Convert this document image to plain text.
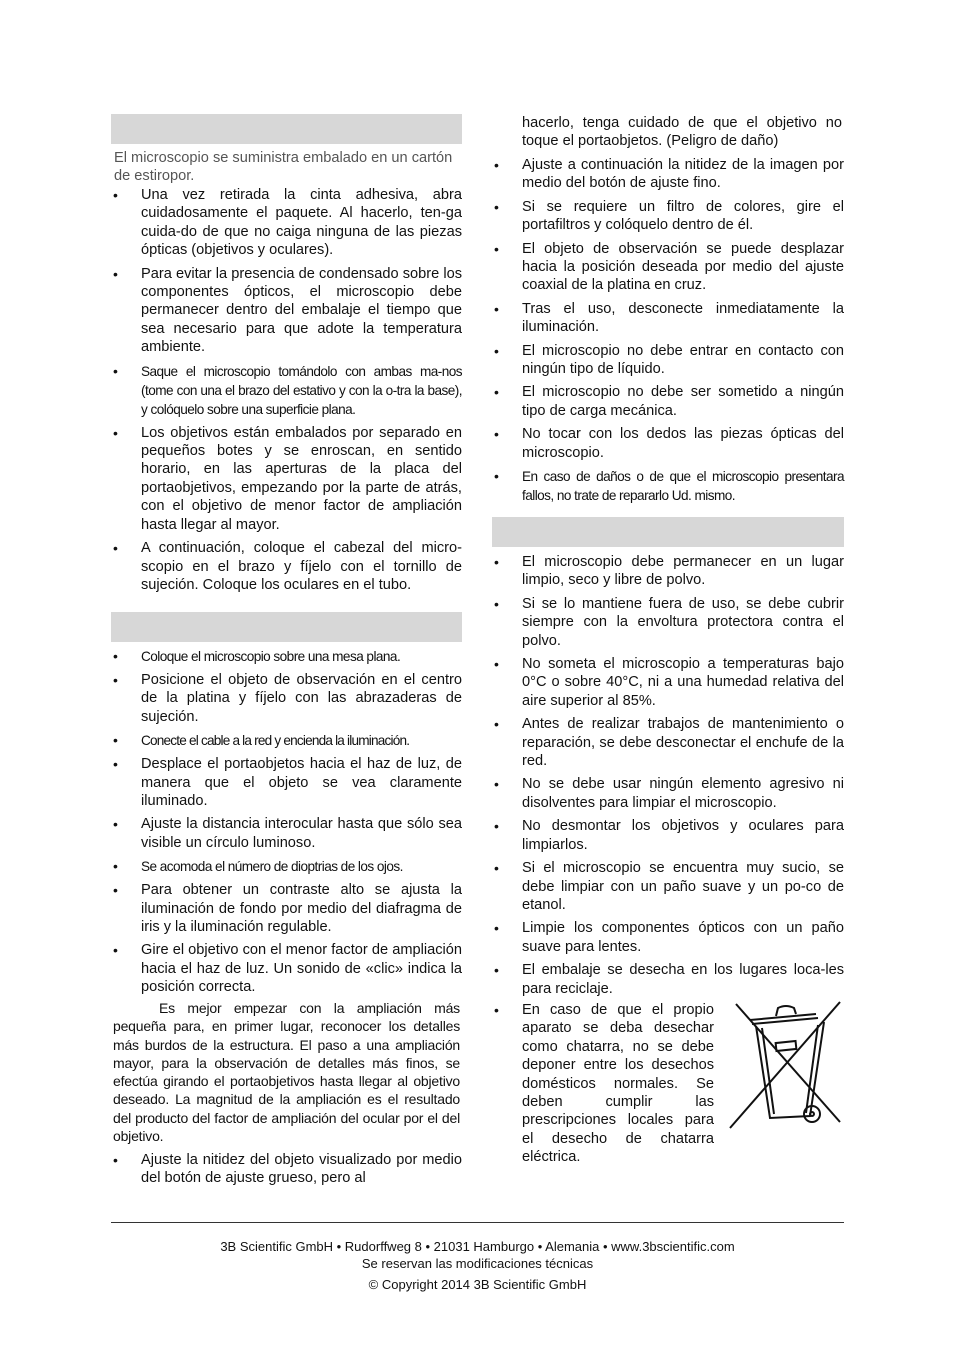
El microscopio se suministra embalado en un cartón de estiropor.
• Una vez retirada la cinta adhesiva, abra cuidadosamente el paquete. Al hacerlo, ten-ga cuida-do de que no caiga ninguna de las piezas ópticas (objetivos y oculares).
• Para evitar la presencia de condensado sobre los componentes ópticos, el microscopio debe permanecer dentro del embalaje el tiempo que sea necesario para que adote la temperatura ambiente.
• Saque el microscopio tomándolo con ambas ma-nos (tome con una el brazo del estativo y con la o-tra la base), y colóquelo sobre una superficie plana.
• Los objetivos están embalados por separado en pequeños botes y se enroscan, en sentido horario, en las aperturas de la placa del portaobjetivos, empezando por la parte de atrás, con el objetivo de menor factor de ampliación hasta llegar al mayor.
• A continuación, coloque el cabezal del micro-scopio en el brazo y fíjelo con el tornillo de sujeción. Coloque los oculares en el tubo.
• Coloque el microscopio sobre una mesa plana.
• Posicione el objeto de observación en el centro de la platina y fíjelo con las abrazaderas de sujeción.
• Conecte el cable a la red y encienda la iluminación.
• Desplace el portaobjetos hacia el haz de luz, de manera que el objeto se vea claramente iluminado.
• Ajuste la distancia interocular hasta que sólo sea visible un círculo luminoso.
• Se acomoda el número de dioptrias de los ojos.
• Para obtener un contraste alto se ajusta la iluminación de fondo por medio del diafragma de iris y la iluminación regulable.
• Gire el objetivo con el menor factor de ampliación hacia el haz de luz. Un sonido de «clic» indica la posición correcta.
Es mejor empezar con la ampliación más pequeña para, en primer lugar, reconocer los detalles más burdos de la estructura. El paso a una ampliación mayor, para la observación de detalles más finos, se efectúa girando el portaobjetivos hasta llegar al objetivo deseado. La magnitud de la ampliación es el resultado del producto del factor de ampliación del ocular por el del objetivo.
• Ajuste la nitidez del objeto visualizado por medio del botón de ajuste grueso, pero al
hacerlo, tenga cuidado de que el objetivo no toque el portaobjetos. (Peligro de daño)
• Ajuste a continuación la nitidez de la imagen por medio del botón de ajuste fino.
• Si se requiere un filtro de colores, gire el portafiltros y colóquelo dentro de él.
• El objeto de observación se puede desplazar hacia la posición deseada por medio del ajuste coaxial de la platina en cruz.
• Tras el uso, desconecte inmediatamente la iluminación.
• El microscopio no debe entrar en contacto con ningún tipo de líquido.
• El microscopio no debe ser sometido a ningún tipo de carga mecánica.
• No tocar con los dedos las piezas ópticas del microscopio.
• En caso de daños o de que el microscopio presentara fallos, no trate de repararlo Ud. mismo.
• El microscopio debe permanecer en un lugar limpio, seco y libre de polvo.
• Si se lo mantiene fuera de uso, se debe cubrir siempre con la envoltura protectora contra el polvo.
• No someta el microscopio a temperaturas bajo 0°C o sobre 40°C, ni a una humedad relativa del aire superior al 85%.
• Antes de realizar trabajos de mantenimiento o reparación, se debe desconectar el enchufe de la red.
• No se debe usar ningún elemento agresivo ni disolventes para limpiar el microscopio.
• No desmontar los objetivos y oculares para limpiarlos.
• Si el microscopio se encuentra muy sucio, se debe limpiar con un paño suave y un po-co de etanol.
• Limpie los componentes ópticos con un paño suave para lentes.
• El embalaje se desecha en los lugares loca-les para reciclaje.
• En caso de que el propio aparato se deba desechar como chatarra, no se debe deponer entre los desechos domésticos normales. Se deben cumplir las prescripciones locales para el desecho de chatarra eléctrica.
3B Scientific GmbH • Rudorffweg 8 • 21031 Hamburgo • Alemania • www.3bscientific.com
Se reservan las modificaciones técnicas
© Copyright 2014 3B Scientific GmbH
